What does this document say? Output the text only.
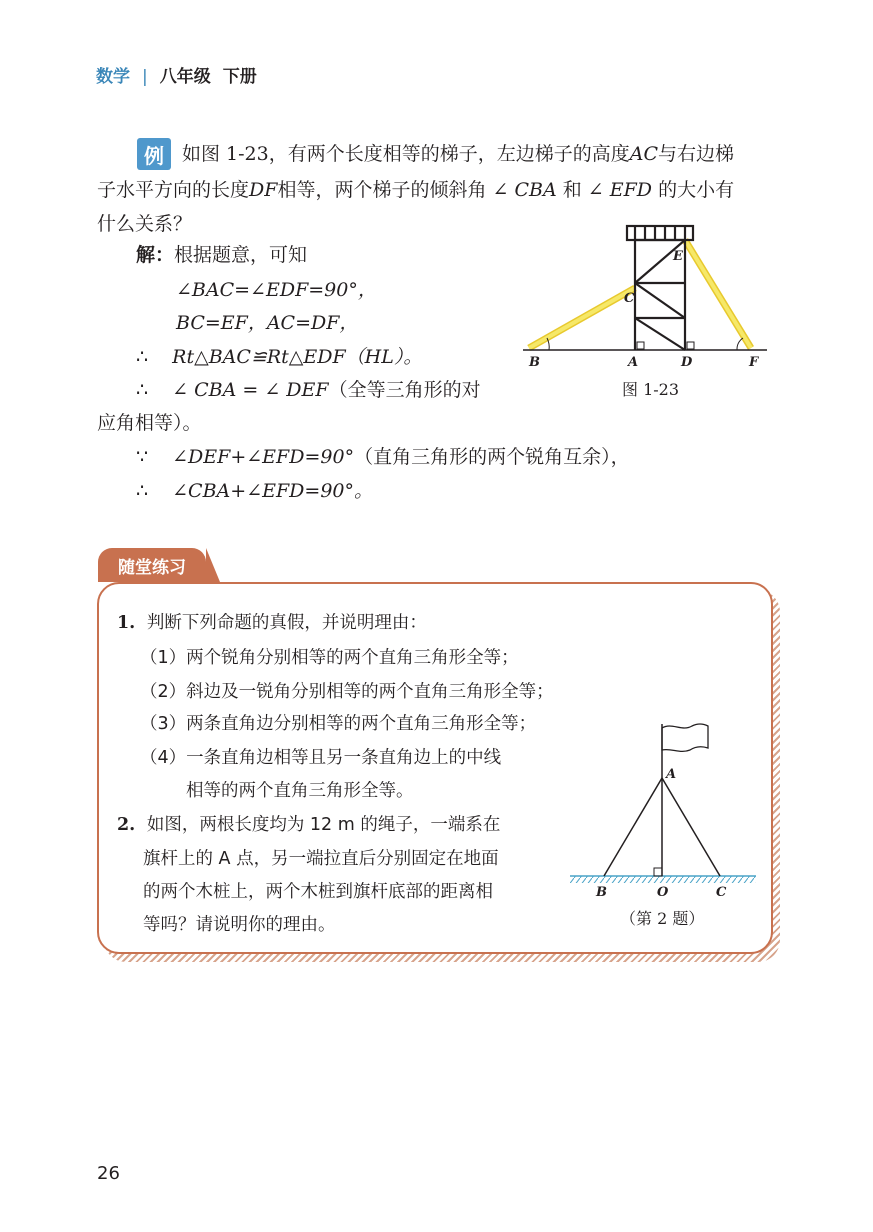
数学 | 八年级 下册
例 如图 1-23，有两个长度相等的梯子，左边梯子的高度AC与右边梯
子水平方向的长度DF相等，两个梯子的倾斜角 ∠ CBA 和 ∠ EFD 的大小有
什么关系？
解：根据题意，可知
∠BAC=∠EDF=90°，
BC=EF，AC=DF，
∴ Rt△BAC≌Rt△EDF（HL）。
∴ ∠ CBA = ∠ DEF（全等三角形的对
应角相等）。
∵ ∠DEF+∠EFD=90°（直角三角形的两个锐角互余），
∴ ∠CBA+∠EFD=90°。
B	A	D	F
C
E
图 1-23
随堂练习
1. 判断下列命题的真假，并说明理由：
（1）两个锐角分别相等的两个直角三角形全等；
（2）斜边及一锐角分别相等的两个直角三角形全等；
（3）两条直角边分别相等的两个直角三角形全等；
（4）一条直角边相等且另一条直角边上的中线
相等的两个直角三角形全等。
2. 如图，两根长度均为 12 m 的绳子，一端系在
旗杆上的 A 点，另一端拉直后分别固定在地面
的两个木桩上，两个木桩到旗杆底部的距离相
等吗？请说明你的理由。
A
B	O	C
（第 2 题）
26
